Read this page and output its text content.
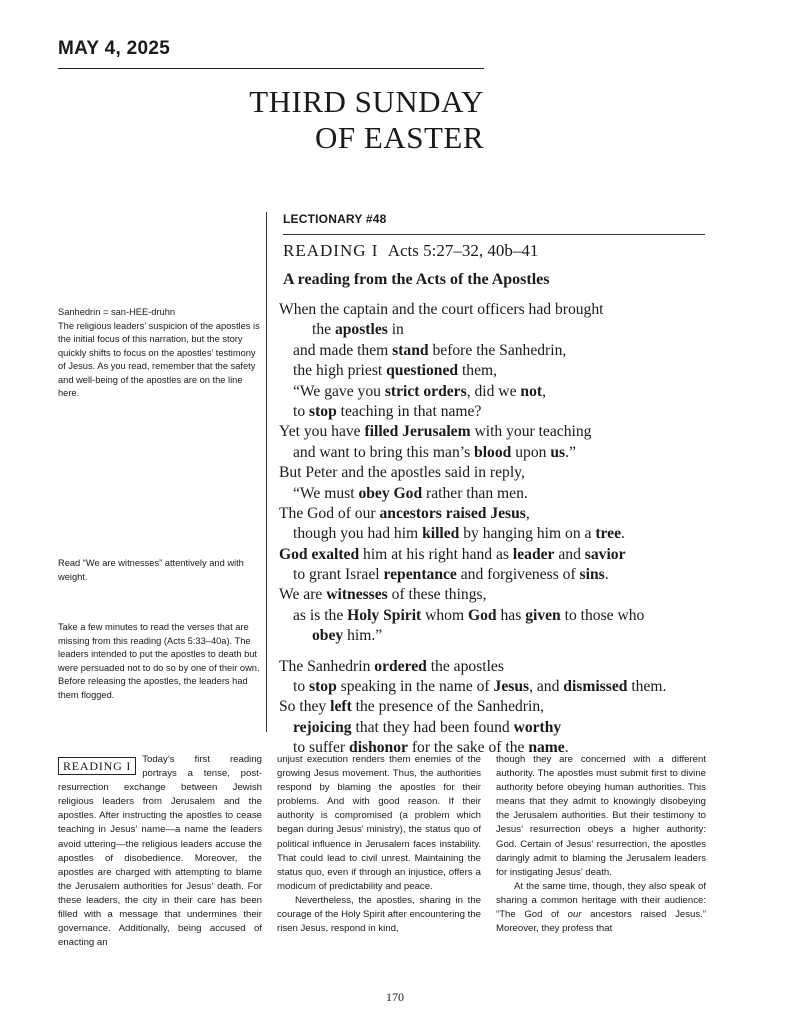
MAY 4, 2025
THIRD SUNDAY
OF EASTER
LECTIONARY #48
READING I Acts 5:27–32, 40b–41
A reading from the Acts of the Apostles
When the captain and the court officers had brought
the apostles in
and made them stand before the Sanhedrin,
the high priest questioned them,
“We gave you strict orders, did we not,
to stop teaching in that name?
Yet you have filled Jerusalem with your teaching
and want to bring this man’s blood upon us.”
But Peter and the apostles said in reply,
“We must obey God rather than men.
The God of our ancestors raised Jesus,
though you had him killed by hanging him on a tree.
God exalted him at his right hand as leader and savior
to grant Israel repentance and forgiveness of sins.
We are witnesses of these things,
as is the Holy Spirit whom God has given to those who
obey him.”
The Sanhedrin ordered the apostles
to stop speaking in the name of Jesus, and dismissed them.
So they left the presence of the Sanhedrin,
rejoicing that they had been found worthy
to suffer dishonor for the sake of the name.
Sanhedrin = san-HEE-druhn
The religious leaders’ suspicion of the apostles is the initial focus of this narration, but the story quickly shifts to focus on the apostles’ testimony of Jesus. As you read, remember that the safety and well-being of the apostles are on the line here.
Read “We are witnesses” attentively and with weight.
Take a few minutes to read the verses that are missing from this reading (Acts 5:33–40a). The leaders intended to put the apostles to death but were persuaded not to do so by one of their own. Before releasing the apostles, the leaders had them flogged.
READING I	Today’s first reading portrays a tense, post-resurrection exchange between Jewish religious leaders from Jerusalem and the apostles. After instructing the apostles to cease teaching in Jesus’ name—a name the leaders avoid uttering—the religious leaders accuse the apostles of disobedience. Moreover, the apostles are charged with attempting to blame the Jerusalem authorities for Jesus’ death. For these leaders, the city in their care has been filled with a message that undermines their governance. Additionally, being accused of enacting an

unjust execution renders them enemies of the growing Jesus movement. Thus, the authorities respond by blaming the apostles for their problems. And with good reason. If their authority is compromised (a problem which began during Jesus’ ministry), the status quo of political influence in Jerusalem faces instability. That could lead to civil unrest. Maintaining the status quo, even if through an injustice, offers a modicum of predictability and peace.

Nevertheless, the apostles, sharing in the courage of the Holy Spirit after encountering the risen Jesus, respond in kind,

though they are concerned with a different authority. The apostles must submit first to divine authority before obeying human authorities. This means that they admit to knowingly disobeying the Jerusalem authorities. But their testimony to Jesus’ resurrection obeys a higher authority: God. Certain of Jesus’ resurrection, the apostles daringly admit to blaming the Jerusalem leaders for instigating Jesus’ death.

At the same time, though, they also speak of sharing a common heritage with their audience: “The God of our ancestors raised Jesus.” Moreover, they profess that

170
